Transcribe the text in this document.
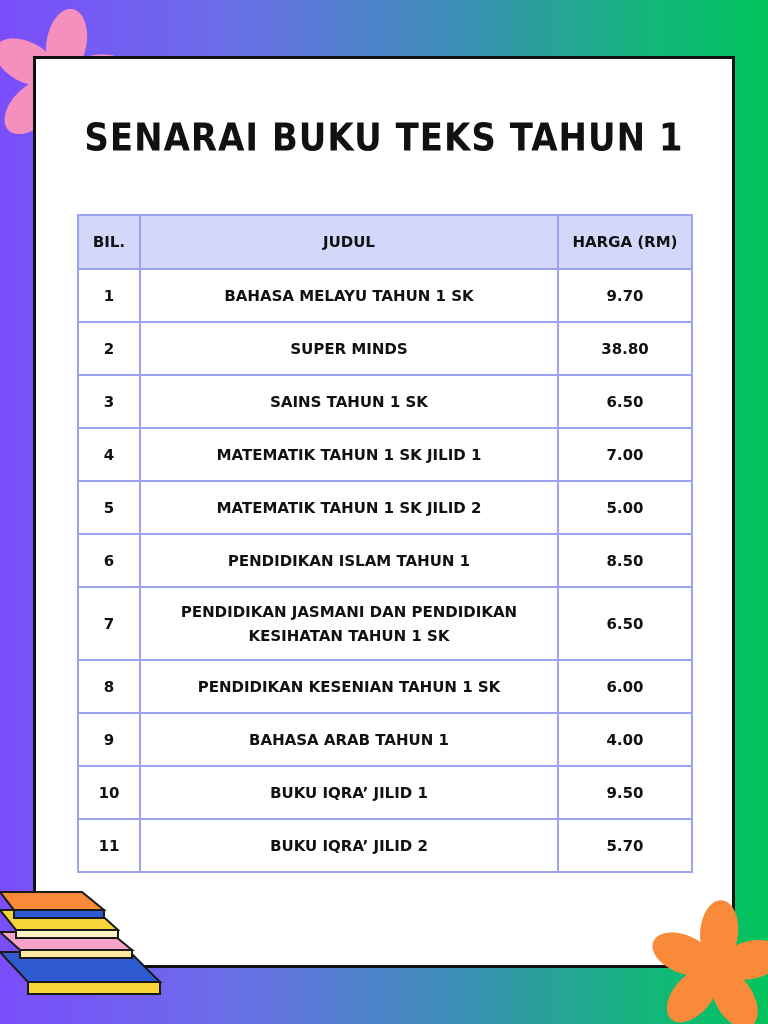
SENARAI BUKU TEKS TAHUN 1
BIL.	JUDUL	HARGA (RM)
1	BAHASA MELAYU TAHUN 1 SK	9.70
2	SUPER MINDS	38.80
3	SAINS TAHUN 1 SK	6.50
4	MATEMATIK TAHUN 1 SK JILID 1	7.00
5	MATEMATIK TAHUN 1 SK JILID 2	5.00
6	PENDIDIKAN ISLAM TAHUN 1	8.50
7	PENDIDIKAN JASMANI DAN PENDIDIKAN
KESIHATAN TAHUN 1 SK	6.50
8	PENDIDIKAN KESENIAN TAHUN 1 SK	6.00
9	BAHASA ARAB TAHUN 1	4.00
10	BUKU IQRA’ JILID 1	9.50
11	BUKU IQRA’ JILID 2	5.70
